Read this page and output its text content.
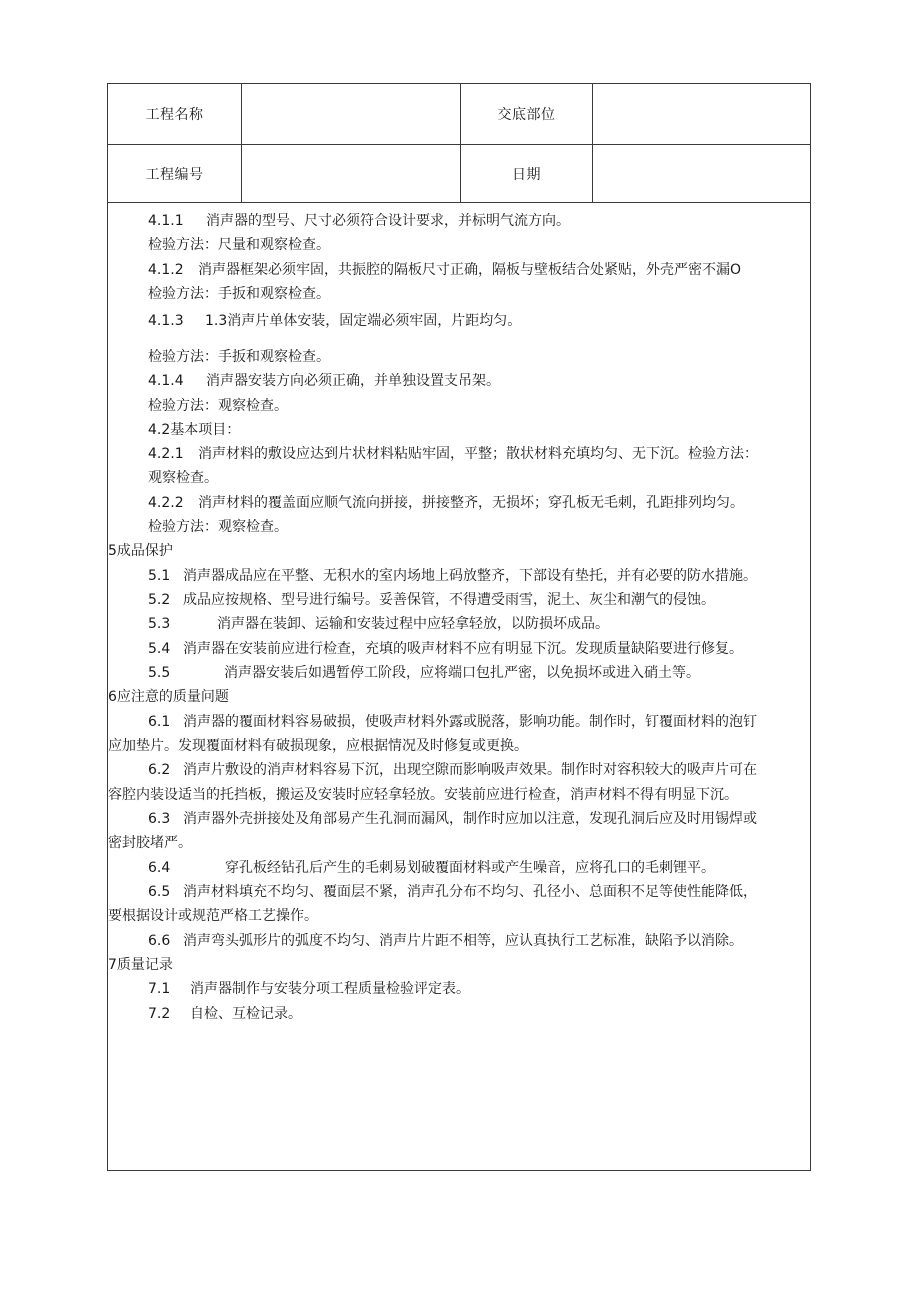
工程名称	交底部位
工程编号	日期
4.1.1 消声器的型号、尺寸必须符合设计要求，并标明气流方向。
检验方法：尺量和观察检查。
4.1.2 消声器框架必须牢固，共振腔的隔板尺寸正确，隔板与壁板结合处紧贴，外壳严密不漏O
检验方法：手扳和观察检查。
4.1.3 1.3消声片单体安装，固定端必须牢固，片距均匀。
检验方法：手扳和观察检查。
4.1.4 消声器安装方向必须正确，并单独设置支吊架。
检验方法：观察检查。
4.2基本项目：
4.2.1 消声材料的敷设应达到片状材料粘贴牢固，平整；散状材料充填均匀、无下沉。检验方法：
观察检查。
4.2.2 消声材料的覆盖面应顺气流向拼接，拼接整齐，无损坏；穿孔板无毛刺，孔距排列均匀。
检验方法：观察检查。
5成品保护
5.1 消声器成品应在平整、无积水的室内场地上码放整齐，下部设有垫托，并有必要的防水措施。
5.2 成品应按规格、型号进行编号。妥善保管，不得遭受雨雪，泥土、灰尘和潮气的侵蚀。
5.3	消声器在装卸、运输和安装过程中应轻拿轻放，以防损坏成品。
5.4 消声器在安装前应进行检查，充填的吸声材料不应有明显下沉。发现质量缺陷要进行修复。
5.5	消声器安装后如遇暂停工阶段，应将端口包扎严密，以免损坏或进入硝土等。
6应注意的质量问题
6.1 消声器的覆面材料容易破损，使吸声材料外露或脱落，影响功能。制作时，钉覆面材料的泡钉
应加垫片。发现覆面材料有破损现象，应根据情况及时修复或更换。
6.2 消声片敷设的消声材料容易下沉，出现空隙而影响吸声效果。制作时对容积较大的吸声片可在
容腔内装设适当的托挡板，搬运及安装时应轻拿轻放。安装前应进行检查，消声材料不得有明显下沉。
6.3 消声器外壳拼接处及角部易产生孔洞而漏风，制作时应加以注意，发现孔洞后应及时用锡焊或
密封胶堵严。
6.4	穿孔板经钻孔后产生的毛刺易划破覆面材料或产生噪音，应将孔口的毛刺锂平。
6.5 消声材料填充不均匀、覆面层不紧，消声孔分布不均匀、孔径小、总面积不足等使性能降低，
要根据设计或规范严格工艺操作。
6.6 消声弯头弧形片的弧度不均匀、消声片片距不相等，应认真执行工艺标准，缺陷予以消除。
7质量记录
7.1 消声器制作与安装分项工程质量检验评定表。
7.2 自检、互检记录。
